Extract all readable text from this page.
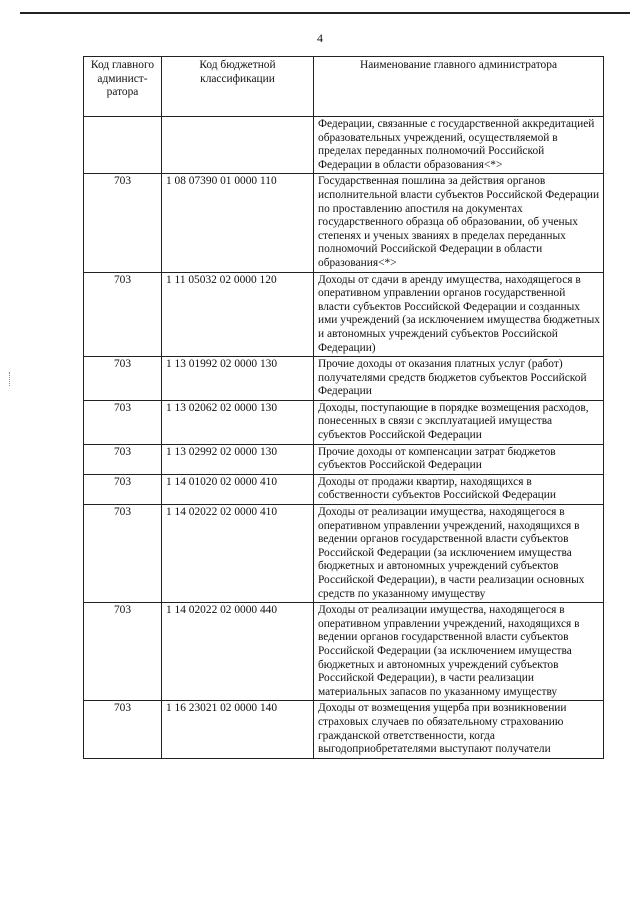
4
Код главного админист-ратора	Код бюджетной классификации	Наименование главного администратора
		Федерации, связанные с государственной аккредитацией образовательных учреждений, осуществляемой в пределах переданных полномочий Российской Федерации в области образования<*>
703	1 08 07390 01 0000 110	Государственная пошлина за действия органов исполнительной власти субъектов Российской Федерации по проставлению апостиля на документах государственного образца об образовании, об ученых степенях и ученых званиях в пределах переданных полномочий Российской Федерации в области образования<*>
703	1 11 05032 02 0000 120	Доходы от сдачи в аренду имущества, находящегося в оперативном управлении органов государственной власти субъектов Российской Федерации и созданных ими учреждений (за исключением имущества бюджетных и автономных учреждений субъектов Российской Федерации)
703	1 13 01992 02 0000 130	Прочие доходы от оказания платных услуг (работ) получателями средств бюджетов субъектов Российской Федерации
703	1 13 02062 02 0000 130	Доходы, поступающие в порядке возмещения расходов, понесенных в связи с эксплуатацией имущества субъектов Российской Федерации
703	1 13 02992 02 0000 130	Прочие доходы от компенсации затрат бюджетов субъектов Российской Федерации
703	1 14 01020 02 0000 410	Доходы от продажи квартир, находящихся в собственности субъектов Российской Федерации
703	1 14 02022 02 0000 410	Доходы от реализации имущества, находящегося в оперативном управлении учреждений, находящихся в ведении органов государственной власти субъектов Российской Федерации (за исключением имущества бюджетных и автономных учреждений субъектов Российской Федерации), в части реализации основных средств по указанному имуществу
703	1 14 02022 02 0000 440	Доходы от реализации имущества, находящегося в оперативном управлении учреждений, находящихся в ведении органов государственной власти субъектов Российской Федерации (за исключением имущества бюджетных и автономных учреждений субъектов Российской Федерации), в части реализации материальных запасов по указанному имуществу
703	1 16 23021 02 0000 140	Доходы от возмещения ущерба при возникновении страховых случаев по обязательному страхованию гражданской ответственности, когда выгодоприобретателями выступают получатели
